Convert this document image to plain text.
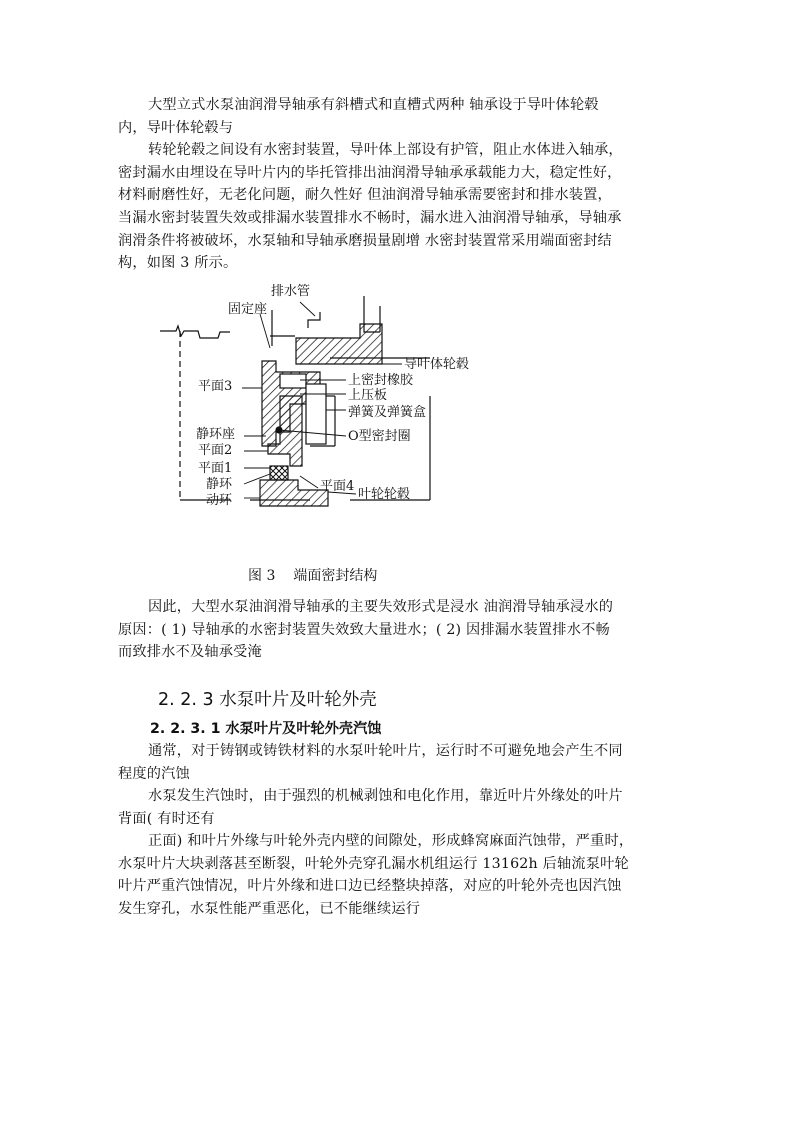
大型立式水泵油润滑导轴承有斜槽式和直槽式两种 轴承设于导叶体轮毂
内，导叶体轮毂与
转轮轮毂之间设有水密封装置，导叶体上部设有护管，阻止水体进入轴承，
密封漏水由埋设在导叶片内的毕托管排出油润滑导轴承承载能力大，稳定性好，
材料耐磨性好，无老化问题，耐久性好 但油润滑导轴承需要密封和排水装置，
当漏水密封装置失效或排漏水装置排水不畅时，漏水进入油润滑导轴承，导轴承
润滑条件将被破坏，水泵轴和导轴承磨损量剧增 水密封装置常采用端面密封结
构，如图 3 所示。

排水管
固定座
导叶体轮毂
平面3	上密封橡胶
上压板
弹簧及弹簧盒
静环座	O型密封圈
平面2
平面1
平面4
静环
叶轮轮毂
动环
图 3 端面密封结构

因此，大型水泵油润滑导轴承的主要失效形式是浸水 油润滑导轴承浸水的
原因：( 1) 导轴承的水密封装置失效致大量进水；( 2) 因排漏水装置排水不畅
而致排水不及轴承受淹

2. 2. 3 水泵叶片及叶轮外壳
2. 2. 3. 1 水泵叶片及叶轮外壳汽蚀

通常，对于铸钢或铸铁材料的水泵叶轮叶片，运行时不可避免地会产生不同
程度的汽蚀

水泵发生汽蚀时，由于强烈的机械剥蚀和电化作用，靠近叶片外缘处的叶片
背面( 有时还有

正面) 和叶片外缘与叶轮外壳内壁的间隙处，形成蜂窝麻面汽蚀带，严重时，
水泵叶片大块剥落甚至断裂，叶轮外壳穿孔漏水机组运行 13162h 后轴流泵叶轮
叶片严重汽蚀情况，叶片外缘和进口边已经整块掉落，对应的叶轮外壳也因汽蚀
发生穿孔，水泵性能严重恶化，已不能继续运行
